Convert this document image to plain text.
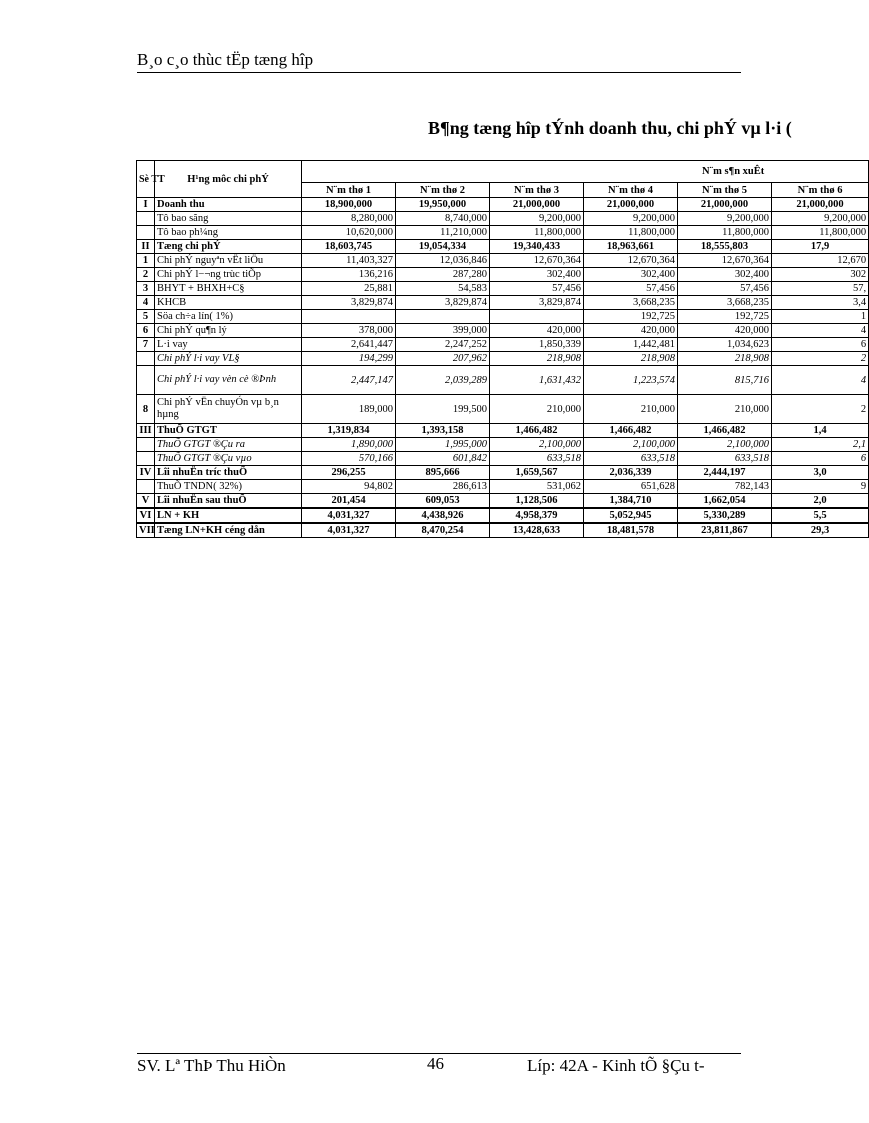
B¸o c¸o thùc tËp tæng hîp
B¶ng tæng hîp tÝnh doanh thu, chi phÝ vµ l·i (
Sè TT	H¹ng môc chi phÝ	N¨m s¶n xuÊt					
		N¨m thø 1	N¨m thø 2	N¨m thø 3	N¨m thø 4	N¨m thø 5	N¨m thø 6
I	Doanh thu	18,900,000	19,950,000	21,000,000	21,000,000	21,000,000	21,000,000
	Tô bao sãng	8,280,000	8,740,000	9,200,000	9,200,000	9,200,000	9,200,000
	Tô bao ph¼ng	10,620,000	11,210,000	11,800,000	11,800,000	11,800,000	11,800,000
II	Tæng chi phÝ	18,603,745	19,054,334	19,340,433	18,963,661	18,555,803	17,9
1	Chi phÝ nguyªn vËt liÖu	11,403,327	12,036,846	12,670,364	12,670,364	12,670,364	12,670
2	Chi phÝ l−¬ng trùc tiÕp	136,216	287,280	302,400	302,400	302,400	302
3	BHYT + BHXH+C§	25,881	54,583	57,456	57,456	57,456	57,
4	KHCB	3,829,874	3,829,874	3,829,874	3,668,235	3,668,235	3,4
5	Söa ch÷a lín( 1%)				192,725	192,725	1
6	Chi phÝ qu¶n lý	378,000	399,000	420,000	420,000	420,000	4
7	L·i vay	2,641,447	2,247,252	1,850,339	1,442,481	1,034,623	6
	Chi phÝ l·i vay VL§	194,299	207,962	218,908	218,908	218,908	2
	Chi phÝ l·i vay vèn cè ®Þnh	2,447,147	2,039,289	1,631,432	1,223,574	815,716	4
8	Chi phÝ vËn chuyÓn vµ b¸n hµng	189,000	199,500	210,000	210,000	210,000	2
III	ThuÕ GTGT	1,319,834	1,393,158	1,466,482	1,466,482	1,466,482	1,4
	ThuÕ GTGT ®Çu ra	1,890,000	1,995,000	2,100,000	2,100,000	2,100,000	2,1
	ThuÕ GTGT ®Çu vµo	570,166	601,842	633,518	633,518	633,518	6
IV	Lîi nhuËn tríc thuÕ	296,255	895,666	1,659,567	2,036,339	2,444,197	3,0
	ThuÕ TNDN( 32%)	94,802	286,613	531,062	651,628	782,143	9
V	Lîi nhuËn sau thuÕ	201,454	609,053	1,128,506	1,384,710	1,662,054	2,0
VI	LN + KH	4,031,327	4,438,926	4,958,379	5,052,945	5,330,289	5,5
VII	Tæng LN+KH céng dån	4,031,327	8,470,254	13,428,633	18,481,578	23,811,867	29,3
SV. Lª ThÞ Thu HiÒn	46	Líp: 42A - Kinh tÕ §Çu t-
